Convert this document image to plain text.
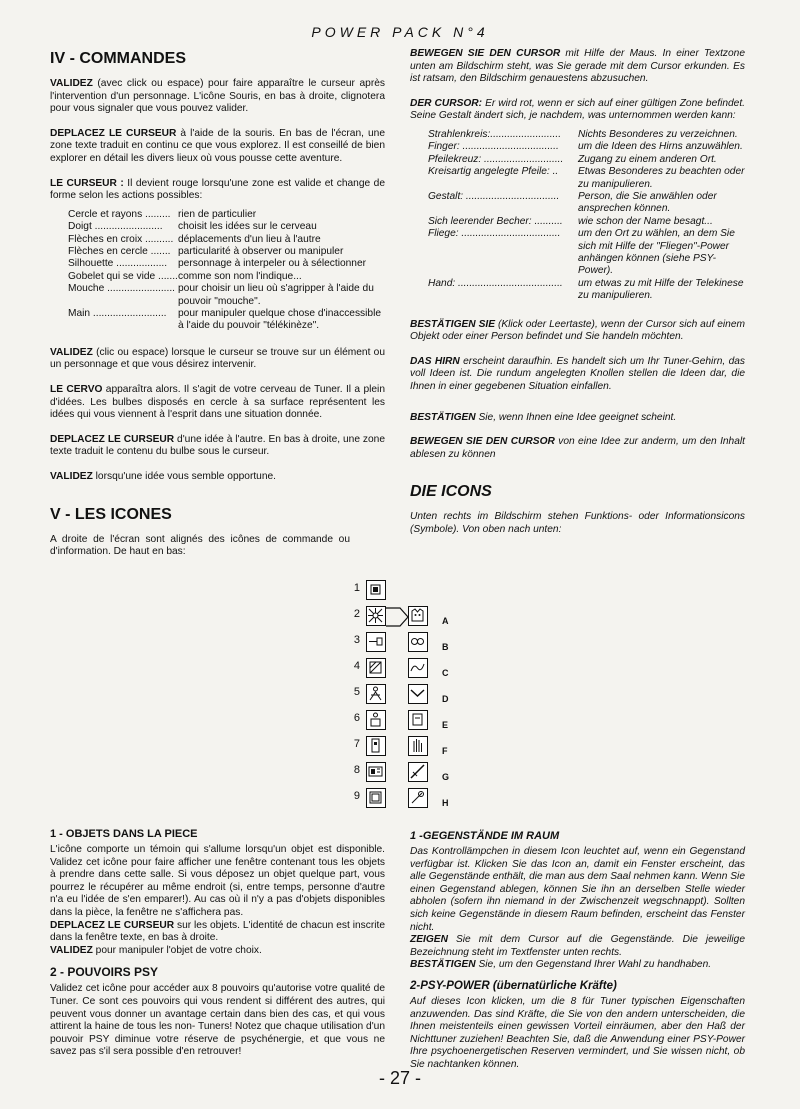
POWER PACK N°4
IV - COMMANDES

VALIDEZ (avec click ou espace) pour faire apparaître le curseur après l'intervention d'un personnage. L'icône Souris, en bas à droite, clignotera pour vous signaler que vous pouvez valider.

DEPLACEZ LE CURSEUR à l'aide de la souris. En bas de l'écran, une zone texte traduit en continu ce que vous explorez. Il est conseillé de bien explorer en détail les divers lieux où vous pousse cette aventure.

LE CURSEUR : Il devient rouge lorsqu'une zone est valide et change de forme selon les actions possibles:

Cercle et rayons .........	rien de particulier
Doigt ........................	choisit les idées sur le cerveau
Flèches en croix ..........	déplacements d'un lieu à l'autre
Flèches en cercle .......	particularité à observer ou manipuler
Silhouette ..................	personnage à interpeler ou à sélectionner
Gobelet qui se vide .......	comme son nom l'indique...
Mouche ........................	pour choisir un lieu où s'agripper à l'aide du pouvoir "mouche".
Main ..........................	pour manipuler quelque chose d'inaccessible à l'aide du pouvoir "télékinèze".

VALIDEZ (clic ou espace) lorsque le curseur se trouve sur un élément ou un personnage et que vous désirez intervenir.

LE CERVO apparaîtra alors. Il s'agit de votre cerveau de Tuner. Il a plein d'idées. Les bulbes disposés en cercle à sa surface représentent les idées qui vous viennent à l'esprit dans une situation donnée.

DEPLACEZ LE CURSEUR d'une idée à l'autre. En bas à droite, une zone texte traduit le contenu du bulbe sous le curseur.

VALIDEZ lorsqu'une idée vous semble opportune.

V - LES ICONES

A droite de l'écran sont alignés des icônes de commande ou d'information. De haut en bas:

1 - OBJETS DANS LA PIECE

L'icône comporte un témoin qui s'allume lorsqu'un objet est disponible. Validez cet icône pour faire afficher une fenêtre contenant tous les objets à prendre dans cette salle. Si vous déposez un objet quelque part, vous pourrez le récupérer au même endroit (si, entre temps, personne d'autre n'a eu l'idée de s'en emparer!). Au cas où il n'y a pas d'objets disponibles dans la pièce, la fenêtre ne s'affichera pas.

DEPLACEZ LE CURSEUR sur les objets. L'identité de chacun est inscrite dans la fenêtre texte, en bas à droite.

VALIDEZ pour manipuler l'objet de votre choix.

2 - POUVOIRS PSY

Validez cet icône pour accéder aux 8 pouvoirs qu'autorise votre qualité de Tuner. Ce sont ces pouvoirs qui vous rendent si différent des autres, qui peuvent vous donner un avantage certain dans bien des cas, et qui vous attirent la haine de tous les non- Tuners! Notez que chaque utilisation d'un pouvoir PSY diminue votre réserve de psychénergie, et que vous ne savez pas s'il sera possible d'en retrouver!

BEWEGEN SIE DEN CURSOR mit Hilfe der Maus. In einer Textzone unten am Bildschirm steht, was Sie gerade mit dem Cursor erkunden. Es ist ratsam, den Bildschirm genauestens abzusuchen.

DER CURSOR: Er wird rot, wenn er sich auf einer gültigen Zone befindet. Seine Gestalt ändert sich, je nachdem, was unternommen werden kann:

Strahlenkreis:.........................	Nichts Besonderes zu verzeichnen.
Finger: ..................................	um die Ideen des Hirns anzuwählen.
Pfeilekreuz: ............................	Zugang zu einem anderen Ort.
Kreisartig angelegte Pfeile: ..	Etwas Besonderes zu beachten oder zu manipulieren.
Gestalt: .................................	Person, die Sie anwählen oder ansprechen können.
Sich leerender Becher: ..........	wie schon der Name besagt...
Fliege: ...................................	um den Ort zu wählen, an dem Sie sich mit Hilfe der "Fliegen"-Power anhängen können (siehe PSY-Power).
Hand: .....................................	um etwas zu mit Hilfe der Telekinese zu manipulieren.

BESTÄTIGEN SIE (Klick oder Leertaste), wenn der Cursor sich auf einem Objekt oder einer Person befindet und Sie handeln möchten.

DAS HIRN erscheint daraufhin. Es handelt sich um Ihr Tuner-Gehirn, das voll Ideen ist. Die rundum angelegten Knollen stellen die Ideen dar, die Ihnen in einer gegebenen Situation einfallen.

BESTÄTIGEN Sie, wenn Ihnen eine Idee geeignet scheint.

BEWEGEN SIE DEN CURSOR von eine Idee zur anderm, um den Inhalt ablesen zu können

DIE ICONS

Unten rechts im Bildschirm stehen Funktions- oder Informationsicons (Symbole). Von oben nach unten:

1 -GEGENSTÄNDE IM RAUM

Das Kontrollämpchen in diesem Icon leuchtet auf, wenn ein Gegenstand verfügbar ist. Klicken Sie das Icon an, damit ein Fenster erscheint, das alle Gegenstände enthält, die man aus dem Saal nehmen kann. Wenn Sie einen Gegenstand ablegen, können Sie ihn an derselben Stelle wieder abholen (sofern ihn niemand in der Zwischenzeit wegschnappt). Sollten sich keine Gegenstände in diesem Raum befinden, erscheint das Fenster nicht.

ZEIGEN Sie mit dem Cursor auf die Gegenstände. Die jeweilige Bezeichnung steht im Textfenster unten rechts.

BESTÄTIGEN Sie, um den Gegenstand Ihrer Wahl zu handhaben.

2-PSY-POWER (übernatürliche Kräfte)

Auf dieses Icon klicken, um die 8 für Tuner typischen Eigenschaften anzuwenden. Das sind Kräfte, die Sie von den andern unterscheiden, die Ihnen meistenteils einen gewissen Vorteil einräumen, aber den Haß der Nichttuner zuziehen! Beachten Sie, daß die Anwendung einer PSY-Power Ihre psychoenergetischen Reserven vermindert, und Sie wissen nicht, ob Sie nachtanken können.

1
2
3
4
5
6
7
8
9
A
B
C
D
E
F
G
H
- 27 -
